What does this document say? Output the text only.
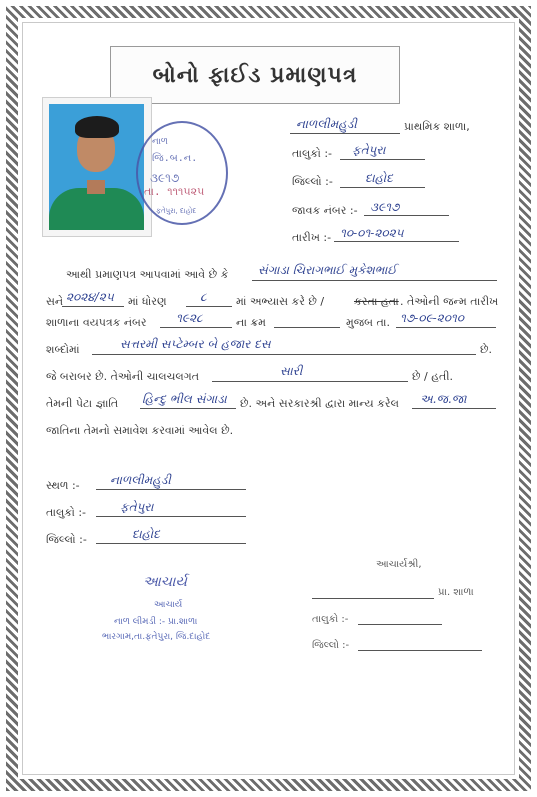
બોનો ફાઈડ પ્રમાણપત્ર
નાળ
જિ.બ.ન.
૩૯૧૭
તા. ૧૧૧૫૨૫
ફતેપુરા, દાહોદ
નાળલીમહુડી	પ્રાથમિક શાળા,
તાલુકો :- ફતેપુરા
જિલ્લો :-	દાહોદ
જાવક નંબર :- ૩૯૧૭
તારીખ :- ૧૦-૦૧-૨૦૨૫
આથી પ્રમાણપત્ર આપવામાં આવે છે કે સંગાડા ચિરાગભાઈ મુકેશભાઈ
સને ૨૦૨૪/૨૫ માં ધોરણ	૮	માં અભ્યાસ કરે છે /	કરતા હતા . તેઓની જન્મ તારીખ
શાળાના વયપત્રક નંબર ૧૯૨૮	ના ક્રમ	મુજબ તા. ૧૭-૦૯-૨૦૧૦
શબ્દોમાં	સત્તરમી સપ્ટેમ્બર બે હજાર દસ	છે.
જે બરાબર છે. તેઓની ચાલચલગત	સારી	છે / હતી.
તેમની પેટા જ્ઞાતિ હિન્દુ ભીલ સંગાડા છે. અને સરકારશ્રી દ્વારા માન્ય કરેલ અ.જ.જા
જાતિના તેમનો સમાવેશ કરવામાં આવેલ છે.
સ્થળ :-	નાળલીમહુડી
તાલુકો :-	ફતેપુરા
જિલ્લો :-	દાહોદ
આચાર્ય
આચાર્ય
નાળ લીમડી :- પ્રા.શાળા
ભારગામ,તા.ફતેપુરા, જિ.દાહોદ
આચાર્યશ્રી,
પ્રા. શાળા
તાલુકો :-
જિલ્લો :-
